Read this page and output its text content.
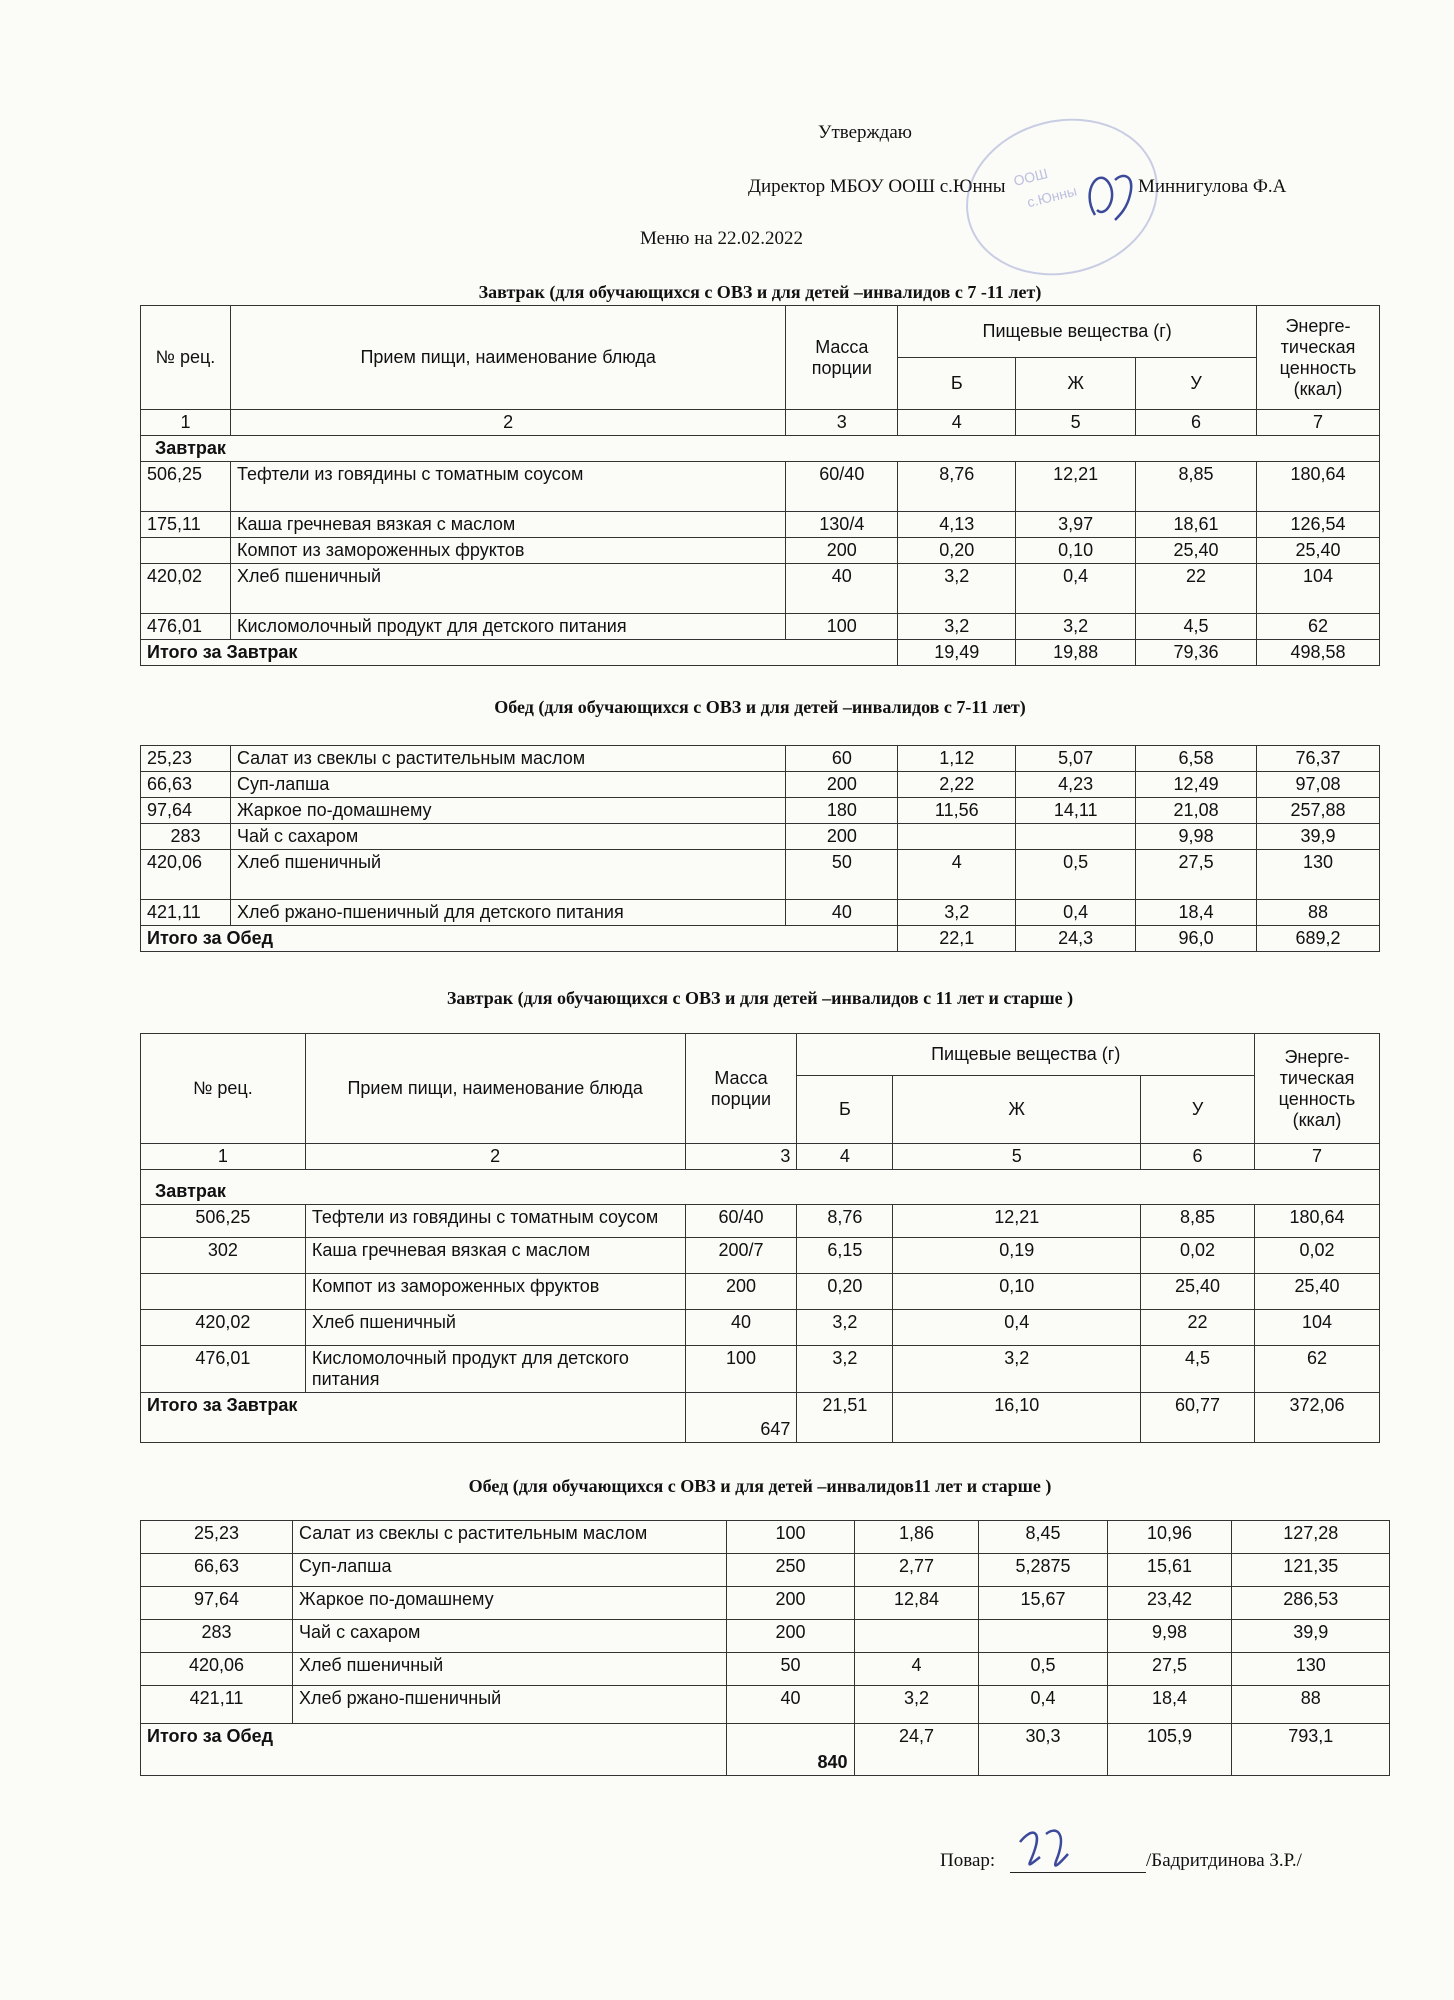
Утверждаю
Директор МБОУ ООШ с.Юнны	Миннигулова Ф.А
Меню на 22.02.2022
ООШ
с.Юнны
Завтрак (для обучающихся с ОВЗ и для детей –инвалидов с 7 -11 лет)
№ рец.	Прием пищи, наименование блюда	Масса порции	Пищевые вещества (г)			Энерге-тическая ценность (ккал)
			Б	Ж	У	
1	2	3	4	5	6	7
Завтрак						
506,25	Тефтели из говядины с томатным соусом	60/40	8,76	12,21	8,85	180,64
175,11	Каша гречневая вязкая с маслом	130/4	4,13	3,97	18,61	126,54
	Компот из замороженных фруктов	200	0,20	0,10	25,40	25,40
420,02	Хлеб пшеничный	40	3,2	0,4	22	104
476,01	Кисломолочный продукт для детского питания	100	3,2	3,2	4,5	62
Итого за Завтрак			19,49	19,88	79,36	498,58
Обед (для обучающихся с ОВЗ и для детей –инвалидов с 7-11 лет)
25,23	Салат из свеклы с растительным маслом	60	1,12	5,07	6,58	76,37
66,63	Суп-лапша	200	2,22	4,23	12,49	97,08
97,64	Жаркое по-домашнему	180	11,56	14,11	21,08	257,88
283	Чай с сахаром	200			9,98	39,9
420,06	Хлеб пшеничный	50	4	0,5	27,5	130
421,11	Хлеб ржано-пшеничный для детского питания	40	3,2	0,4	18,4	88
Итого за Обед			22,1	24,3	96,0	689,2
Завтрак (для обучающихся с ОВЗ и для детей –инвалидов с 11 лет и старше )
№ рец.	Прием пищи, наименование блюда	Масса порции	Пищевые вещества (г)			Энерге-тическая ценность (ккал)
			Б	Ж	У	
1	2	3	4	5	6	7
Завтрак						
506,25	Тефтели из говядины с томатным соусом	60/40	8,76	12,21	8,85	180,64
302	Каша гречневая вязкая с маслом	200/7	6,15	0,19	0,02	0,02
	Компот из замороженных фруктов	200	0,20	0,10	25,40	25,40
420,02	Хлеб пшеничный	40	3,2	0,4	22	104
476,01	Кисломолочный продукт для детского питания	100	3,2	3,2	4,5	62
Итого за Завтрак		647	21,51	16,10	60,77	372,06
Обед (для обучающихся с ОВЗ и для детей –инвалидов11 лет и старше )
25,23	Салат из свеклы с растительным маслом	100	1,86	8,45	10,96	127,28
66,63	Суп-лапша	250	2,77	5,2875	15,61	121,35
97,64	Жаркое по-домашнему	200	12,84	15,67	23,42	286,53
283	Чай с сахаром	200			9,98	39,9
420,06	Хлеб пшеничный	50	4	0,5	27,5	130
421,11	Хлеб ржано-пшеничный	40	3,2	0,4	18,4	88
Итого за Обед		840	24,7	30,3	105,9	793,1
Повар:	/Бадритдинова З.Р./
